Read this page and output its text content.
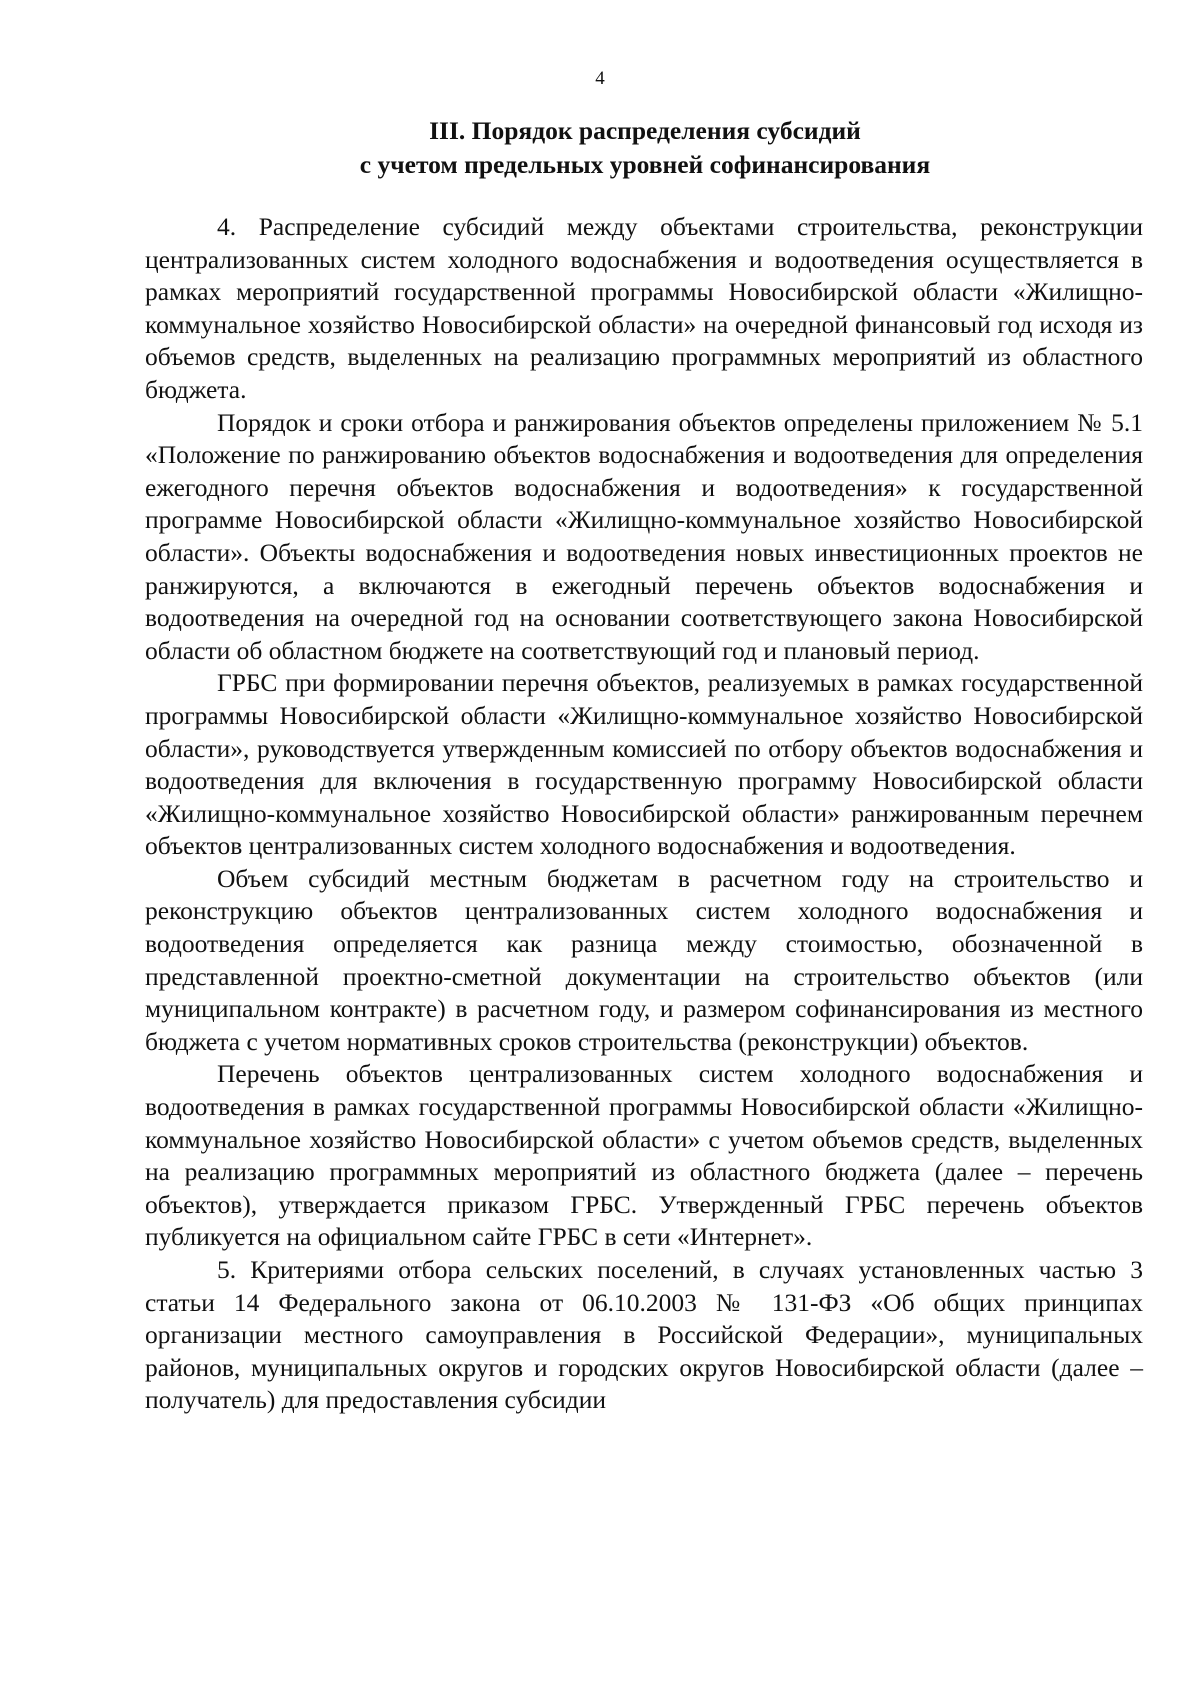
4
III. Порядок распределения субсидий
с учетом предельных уровней софинансирования

4. Распределение субсидий между объектами строительства, реконструкции централизованных систем холодного водоснабжения и водоотведения осуществляется в рамках мероприятий государственной программы Новосибирской области «Жилищно-коммунальное хозяйство Новосибирской области» на очередной финансовый год исходя из объемов средств, выделенных на реализацию программных мероприятий из областного бюджета.

Порядок и сроки отбора и ранжирования объектов определены приложением № 5.1 «Положение по ранжированию объектов водоснабжения и водоотведения для определения ежегодного перечня объектов водоснабжения и водоотведения» к государственной программе Новосибирской области «Жилищно-коммунальное хозяйство Новосибирской области». Объекты водоснабжения и водоотведения новых инвестиционных проектов не ранжируются, а включаются в ежегодный перечень объектов водоснабжения и водоотведения на очередной год на основании соответствующего закона Новосибирской области об областном бюджете на соответствующий год и плановый период.

ГРБС при формировании перечня объектов, реализуемых в рамках государственной программы Новосибирской области «Жилищно-коммунальное хозяйство Новосибирской области», руководствуется утвержденным комиссией по отбору объектов водоснабжения и водоотведения для включения в государственную программу Новосибирской области «Жилищно-коммунальное хозяйство Новосибирской области» ранжированным перечнем объектов централизованных систем холодного водоснабжения и водоотведения.

Объем субсидий местным бюджетам в расчетном году на строительство и реконструкцию объектов централизованных систем холодного водоснабжения и водоотведения определяется как разница между стоимостью, обозначенной в представленной проектно-сметной документации на строительство объектов (или муниципальном контракте) в расчетном году, и размером софинансирования из местного бюджета с учетом нормативных сроков строительства (реконструкции) объектов.

Перечень объектов централизованных систем холодного водоснабжения и водоотведения в рамках государственной программы Новосибирской области «Жилищно-коммунальное хозяйство Новосибирской области» с учетом объемов средств, выделенных на реализацию программных мероприятий из областного бюджета (далее – перечень объектов), утверждается приказом ГРБС. Утвержденный ГРБС перечень объектов публикуется на официальном сайте ГРБС в сети «Интернет».

5. Критериями отбора сельских поселений, в случаях установленных частью 3 статьи 14 Федерального закона от 06.10.2003 № 131-ФЗ «Об общих принципах организации местного самоуправления в Российской Федерации», муниципальных районов, муниципальных округов и городских округов Новосибирской области (далее – получатель) для предоставления субсидии
